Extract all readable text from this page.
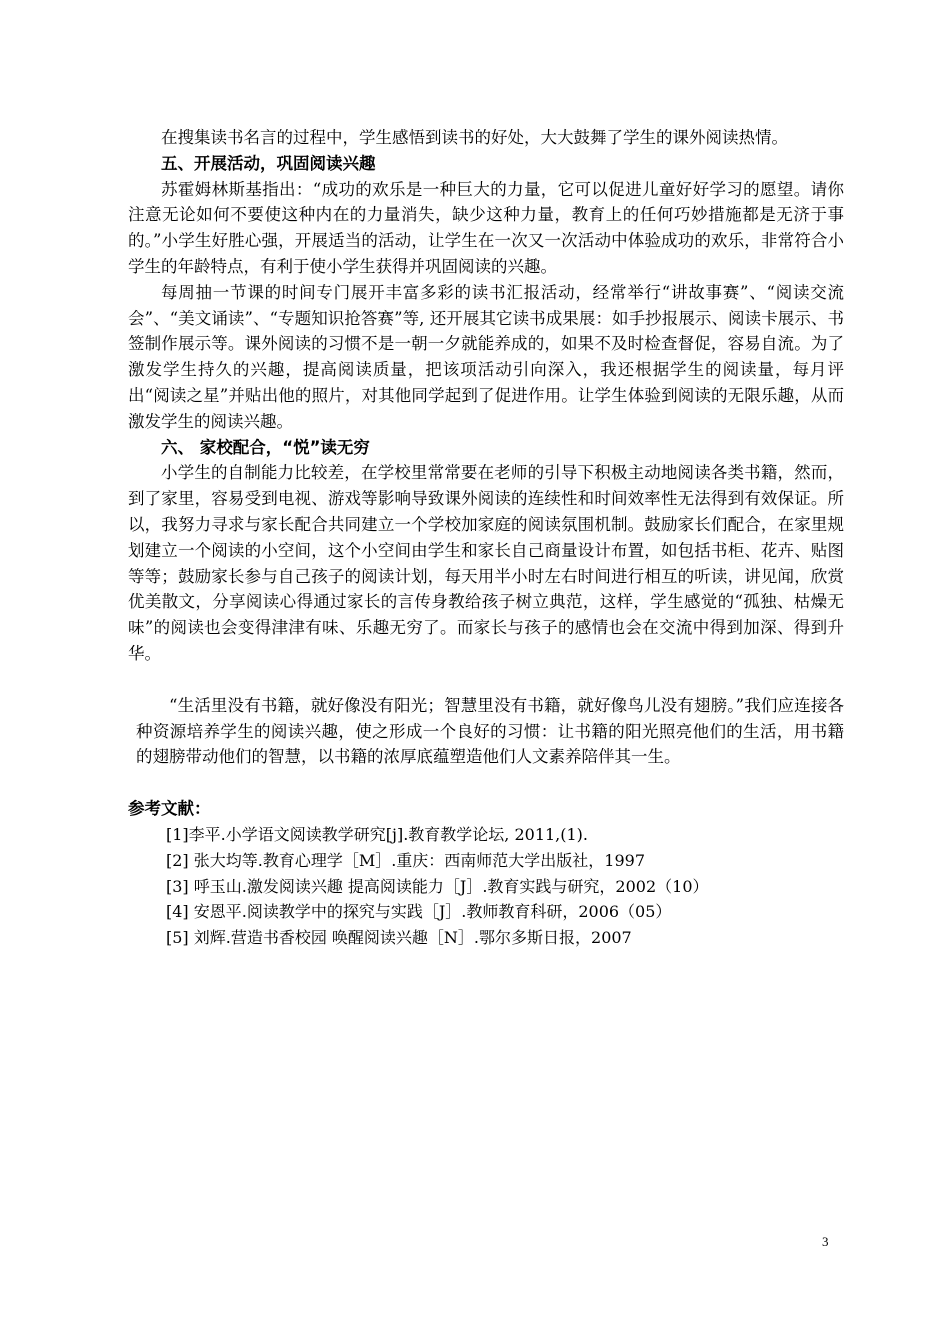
在搜集读书名言的过程中，学生感悟到读书的好处，大大鼓舞了学生的课外阅读热情。

五、开展活动，巩固阅读兴趣

苏霍姆林斯基指出：“成功的欢乐是一种巨大的力量，它可以促进儿童好好学习的愿望。请你注意无论如何不要使这种内在的力量消失，缺少这种力量，教育上的任何巧妙措施都是无济于事的。”小学生好胜心强，开展适当的活动，让学生在一次又一次活动中体验成功的欢乐，非常符合小学生的年龄特点，有利于使小学生获得并巩固阅读的兴趣。

每周抽一节课的时间专门展开丰富多彩的读书汇报活动，经常举行“讲故事赛”、“阅读交流会”、“美文诵读”、“专题知识抢答赛”等, 还开展其它读书成果展：如手抄报展示、阅读卡展示、书签制作展示等。课外阅读的习惯不是一朝一夕就能养成的，如果不及时检查督促，容易自流。为了激发学生持久的兴趣，提高阅读质量，把该项活动引向深入，我还根据学生的阅读量，每月评出“阅读之星”并贴出他的照片，对其他同学起到了促进作用。让学生体验到阅读的无限乐趣，从而激发学生的阅读兴趣。

六、 家校配合，“悦”读无穷

小学生的自制能力比较差，在学校里常常要在老师的引导下积极主动地阅读各类书籍，然而，到了家里，容易受到电视、游戏等影响导致课外阅读的连续性和时间效率性无法得到有效保证。所以，我努力寻求与家长配合共同建立一个学校加家庭的阅读氛围机制。鼓励家长们配合，在家里规划建立一个阅读的小空间，这个小空间由学生和家长自己商量设计布置，如包括书柜、花卉、贴图等等；鼓励家长参与自己孩子的阅读计划，每天用半小时左右时间进行相互的听读，讲见闻，欣赏优美散文，分享阅读心得通过家长的言传身教给孩子树立典范，这样，学生感觉的“孤独、枯燥无味”的阅读也会变得津津有味、乐趣无穷了。而家长与孩子的感情也会在交流中得到加深、得到升华。

“生活里没有书籍，就好像没有阳光；智慧里没有书籍，就好像鸟儿没有翅膀。”我们应连接各种资源培养学生的阅读兴趣，使之形成一个良好的习惯：让书籍的阳光照亮他们的生活，用书籍的翅膀带动他们的智慧，以书籍的浓厚底蕴塑造他们人文素养陪伴其一生。

参考文献：

[1]李平.小学语文阅读教学研究[j].教育教学论坛, 2011,(1).
[2] 张大均等.教育心理学［M］.重庆：西南师范大学出版社，1997
[3] 呼玉山.激发阅读兴趣 提高阅读能力［J］.教育实践与研究，2002（10）
[4] 安恩平.阅读教学中的探究与实践［J］.教师教育科研，2006（05）
[5] 刘辉.营造书香校园 唤醒阅读兴趣［N］.鄂尔多斯日报，2007
3
